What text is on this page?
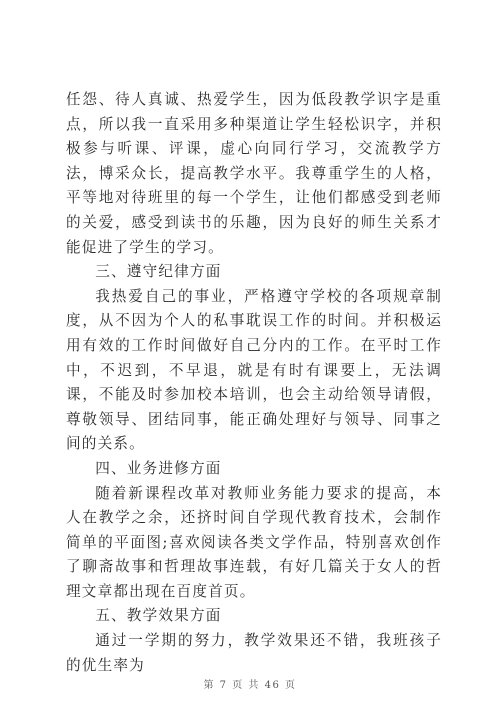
任怨、待人真诚、热爱学生，因为低段教学识字是重点，所以我一直采用多种渠道让学生轻松识字，并积极参与听课、评课，虚心向同行学习，交流教学方法，博采众长，提高教学水平。我尊重学生的人格，平等地对待班里的每一个学生，让他们都感受到老师的关爱，感受到读书的乐趣，因为良好的师生关系才能促进了学生的学习。

三、遵守纪律方面

我热爱自己的事业，严格遵守学校的各项规章制度，从不因为个人的私事耽误工作的时间。并积极运用有效的工作时间做好自己分内的工作。在平时工作中，不迟到，不早退，就是有时有课要上，无法调课，不能及时参加校本培训，也会主动给领导请假，尊敬领导、团结同事，能正确处理好与领导、同事之间的关系。

四、业务进修方面

随着新课程改革对教师业务能力要求的提高，本人在教学之余，还挤时间自学现代教育技术，会制作简单的平面图;喜欢阅读各类文学作品，特别喜欢创作了聊斋故事和哲理故事连载，有好几篇关于女人的哲理文章都出现在百度首页。

五、教学效果方面

通过一学期的努力，教学效果还不错，我班孩子的优生率为

第 7 页 共 46 页
